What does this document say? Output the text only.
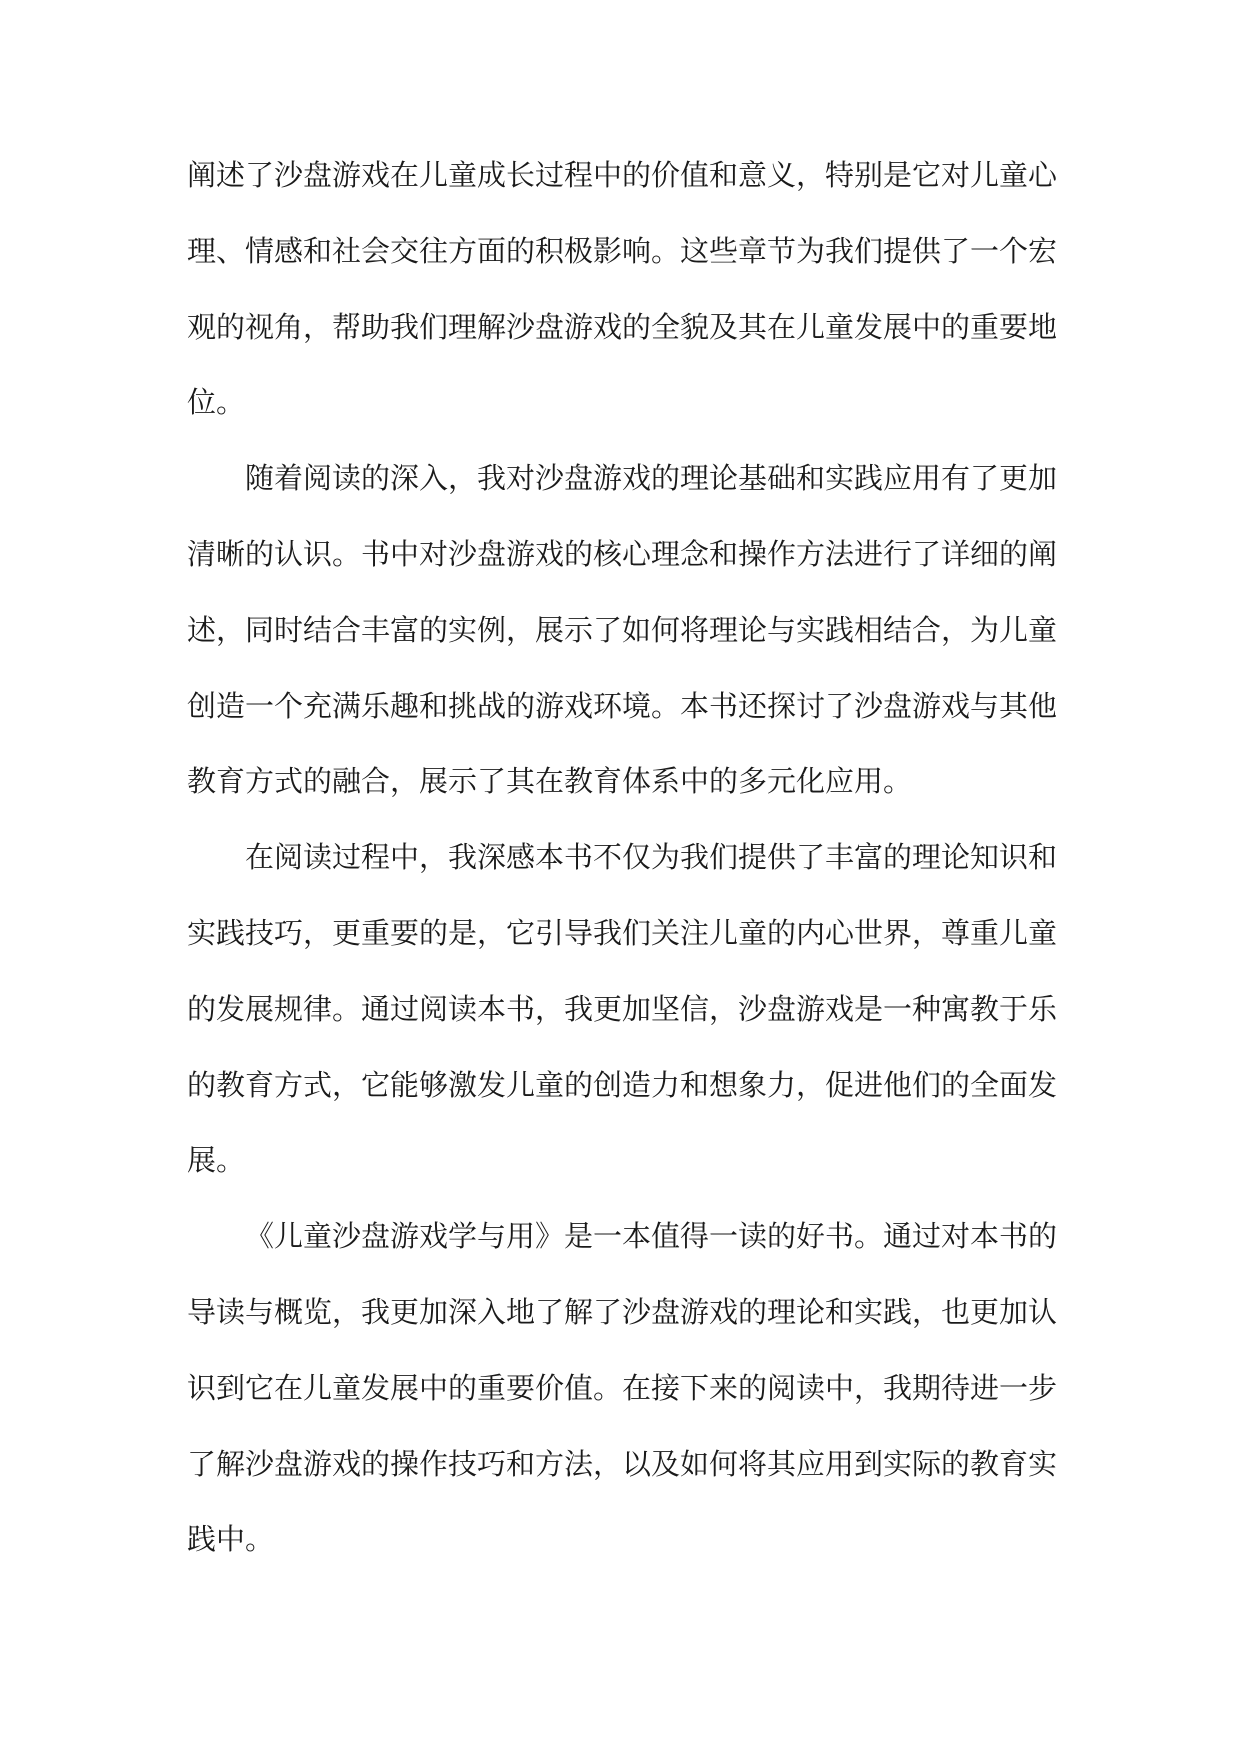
阐述了沙盘游戏在儿童成长过程中的价值和意义，特别是它对儿童心理、情感和社会交往方面的积极影响。这些章节为我们提供了一个宏观的视角，帮助我们理解沙盘游戏的全貌及其在儿童发展中的重要地位。

随着阅读的深入，我对沙盘游戏的理论基础和实践应用有了更加清晰的认识。书中对沙盘游戏的核心理念和操作方法进行了详细的阐述，同时结合丰富的实例，展示了如何将理论与实践相结合，为儿童创造一个充满乐趣和挑战的游戏环境。本书还探讨了沙盘游戏与其他教育方式的融合，展示了其在教育体系中的多元化应用。

在阅读过程中，我深感本书不仅为我们提供了丰富的理论知识和实践技巧，更重要的是，它引导我们关注儿童的内心世界，尊重儿童的发展规律。通过阅读本书，我更加坚信，沙盘游戏是一种寓教于乐的教育方式，它能够激发儿童的创造力和想象力，促进他们的全面发展。

《儿童沙盘游戏学与用》是一本值得一读的好书。通过对本书的导读与概览，我更加深入地了解了沙盘游戏的理论和实践，也更加认识到它在儿童发展中的重要价值。在接下来的阅读中，我期待进一步了解沙盘游戏的操作技巧和方法，以及如何将其应用到实际的教育实践中。
